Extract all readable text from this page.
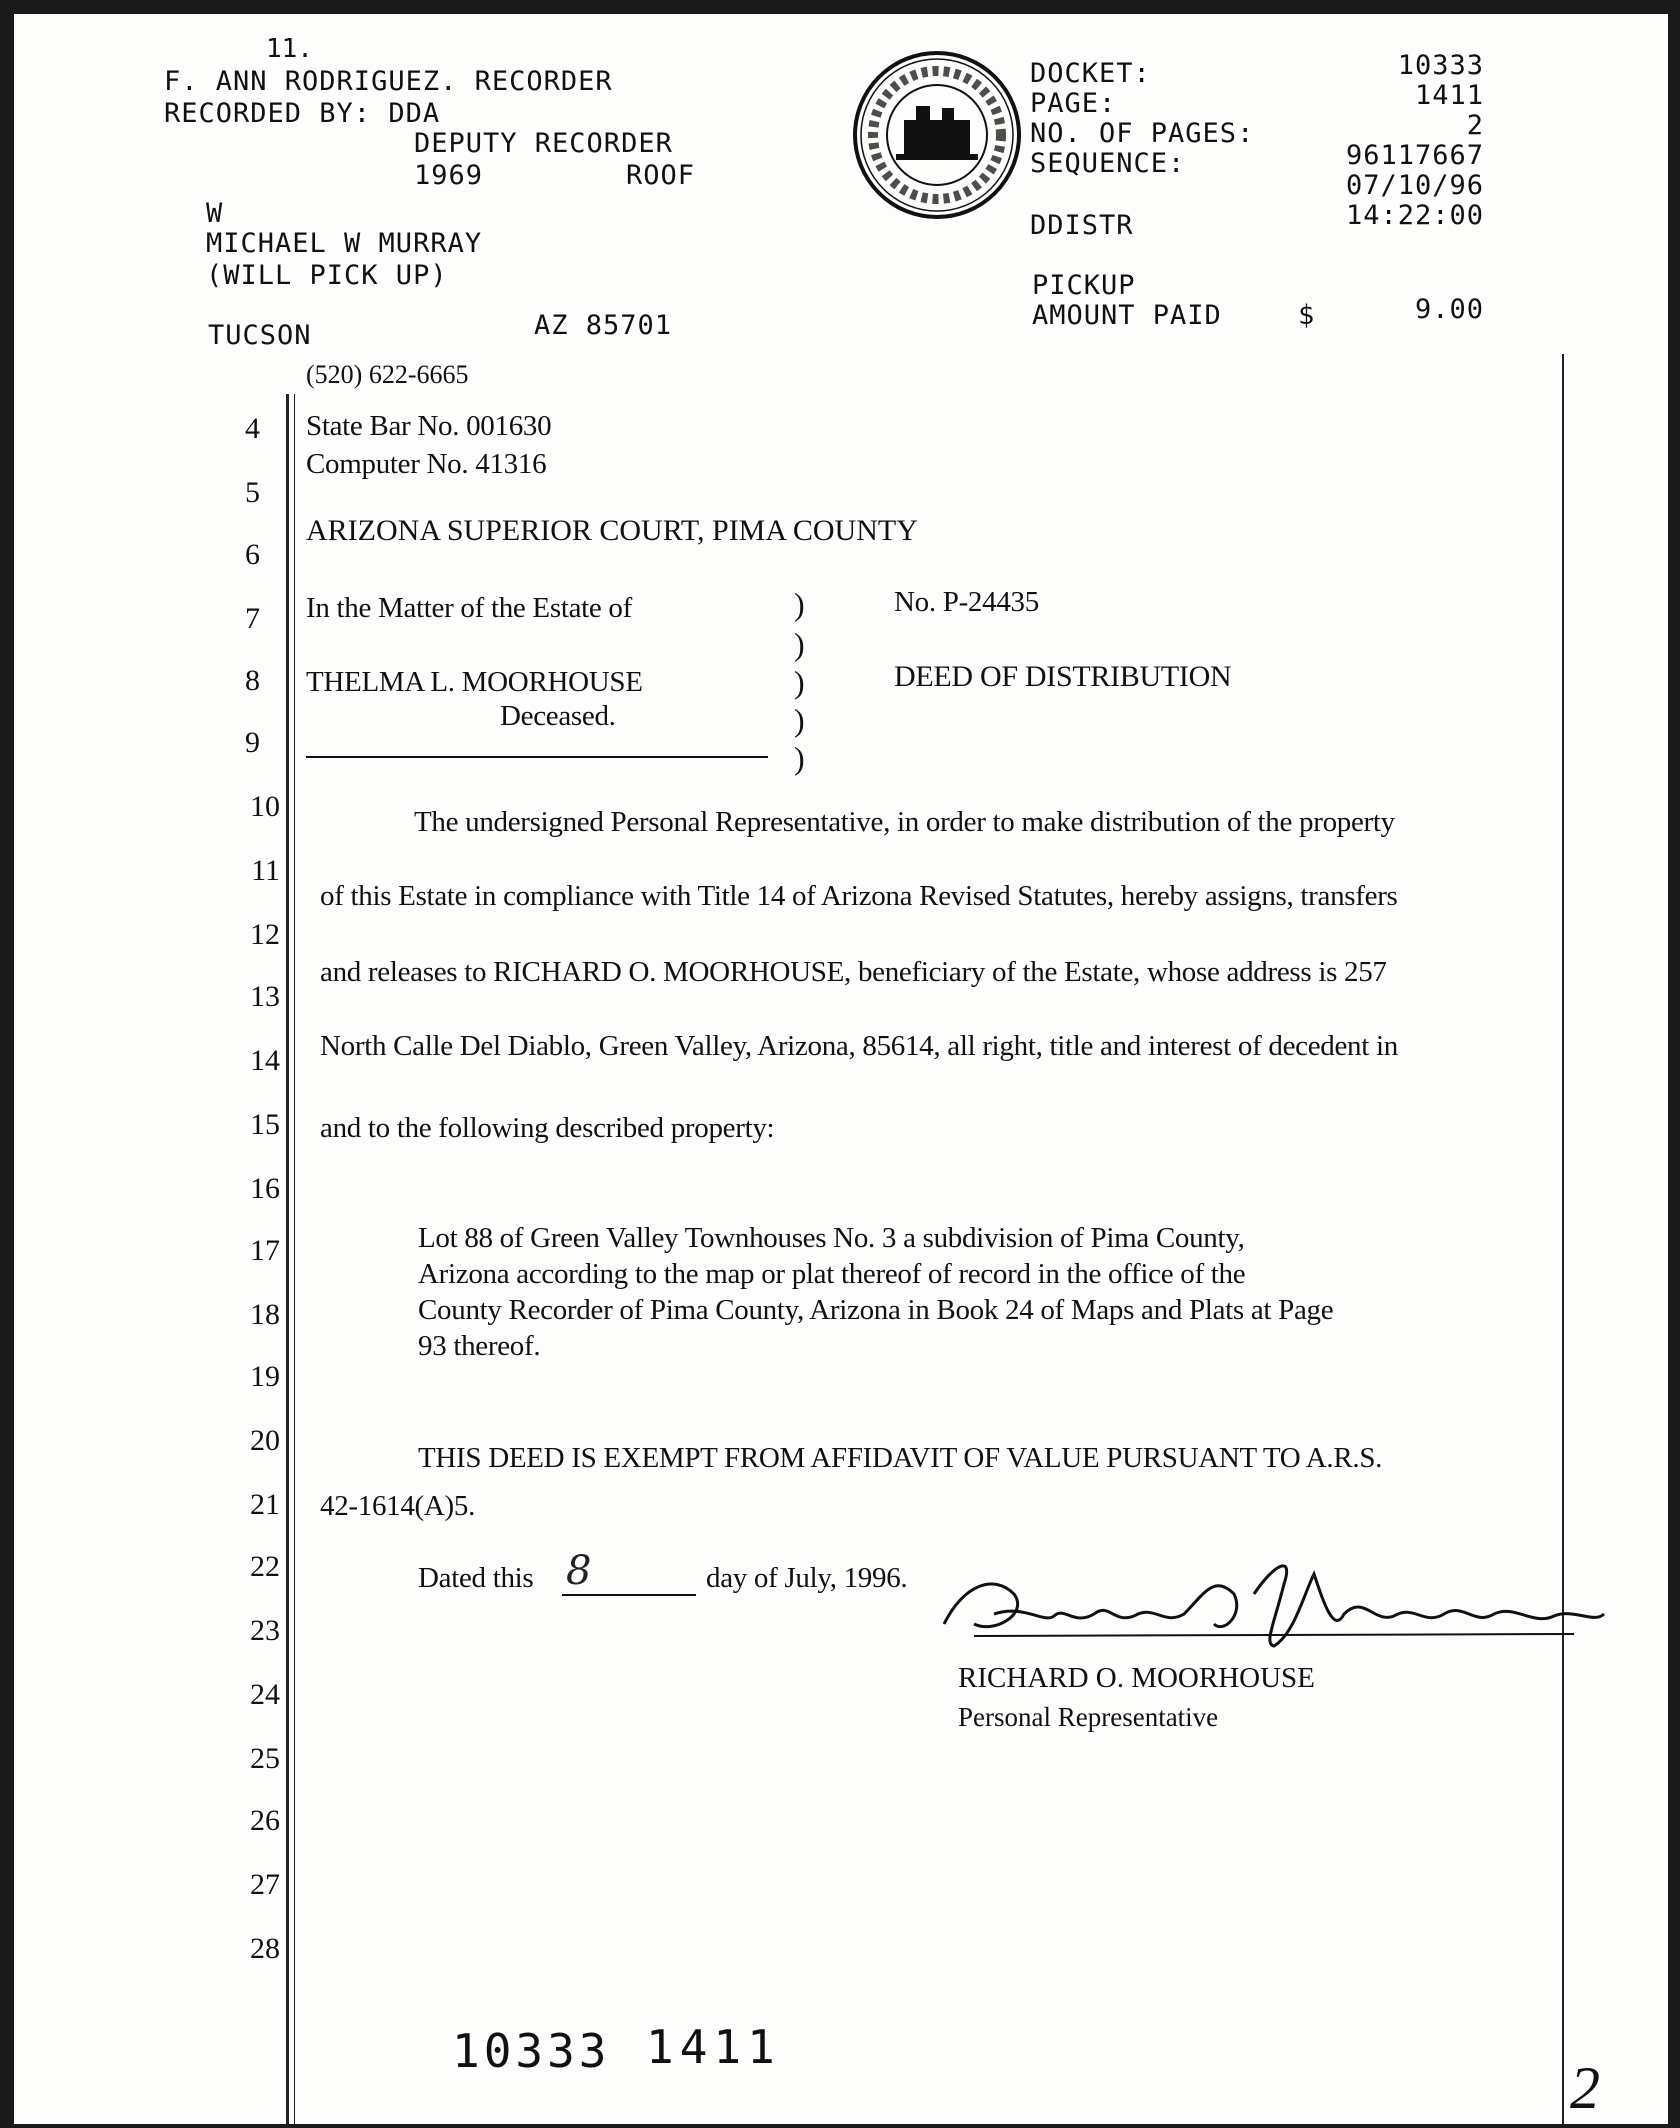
11.
F. ANN RODRIGUEZ. RECORDER
RECORDED BY: DDA
DEPUTY RECORDER
1969	ROOF
W
MICHAEL W MURRAY
(WILL PICK UP)
TUCSON	AZ 85701
DOCKET:	10333
PAGE:	1411
NO. OF PAGES:	2
SEQUENCE:	96117667
07/10/96
DDISTR	14:22:00
PICKUP
AMOUNT PAID	$	9.00
4
5
6
7
8
9
10
11
12
13
14
15
16
17
18
19
20
21
22
23
24
25
26
27
28
(520) 622-6665
State Bar No. 001630
Computer No. 41316
ARIZONA SUPERIOR COURT, PIMA COUNTY
In the Matter of the Estate of
THELMA L. MOORHOUSE
Deceased.
)
)
)
)
)
No. P-24435
DEED OF DISTRIBUTION
The undersigned Personal Representative, in order to make distribution of the property
of this Estate in compliance with Title 14 of Arizona Revised Statutes, hereby assigns, transfers
and releases to RICHARD O. MOORHOUSE, beneficiary of the Estate, whose address is 257
North Calle Del Diablo, Green Valley, Arizona, 85614, all right, title and interest of decedent in
and to the following described property:
Lot 88 of Green Valley Townhouses No. 3 a subdivision of Pima County,
Arizona according to the map or plat thereof of record in the office of the
County Recorder of Pima County, Arizona in Book 24 of Maps and Plats at Page
93 thereof.
THIS DEED IS EXEMPT FROM AFFIDAVIT OF VALUE PURSUANT TO A.R.S.
42-1614(A)5.
Dated this 8	day of July, 1996.
RICHARD O. MOORHOUSE
Personal Representative
10333 1411
2
